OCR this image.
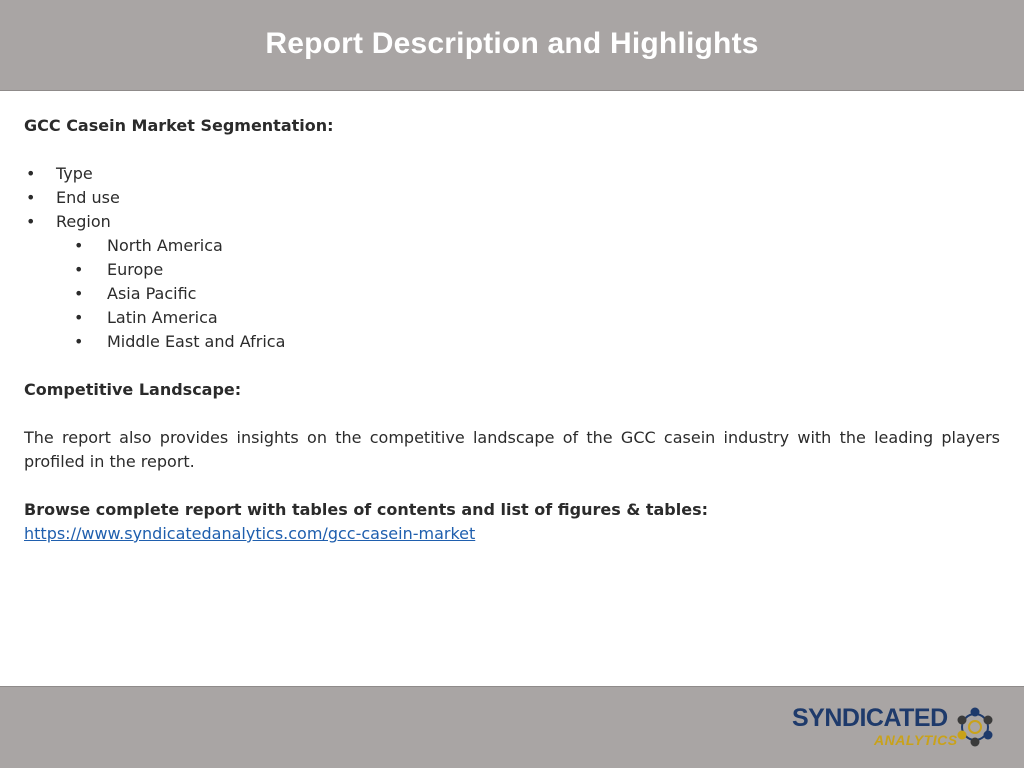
Report Description and Highlights
GCC Casein Market Segmentation:
• Type
• End use
• Region
• North America
• Europe
• Asia Pacific
• Latin America
• Middle East and Africa
Competitive Landscape:
The report also provides insights on the competitive landscape of the GCC casein industry with the leading players profiled in the report.
Browse complete report with tables of contents and list of figures & tables:
https://www.syndicatedanalytics.com/gcc-casein-market
SYNDICATED
ANALYTICS
